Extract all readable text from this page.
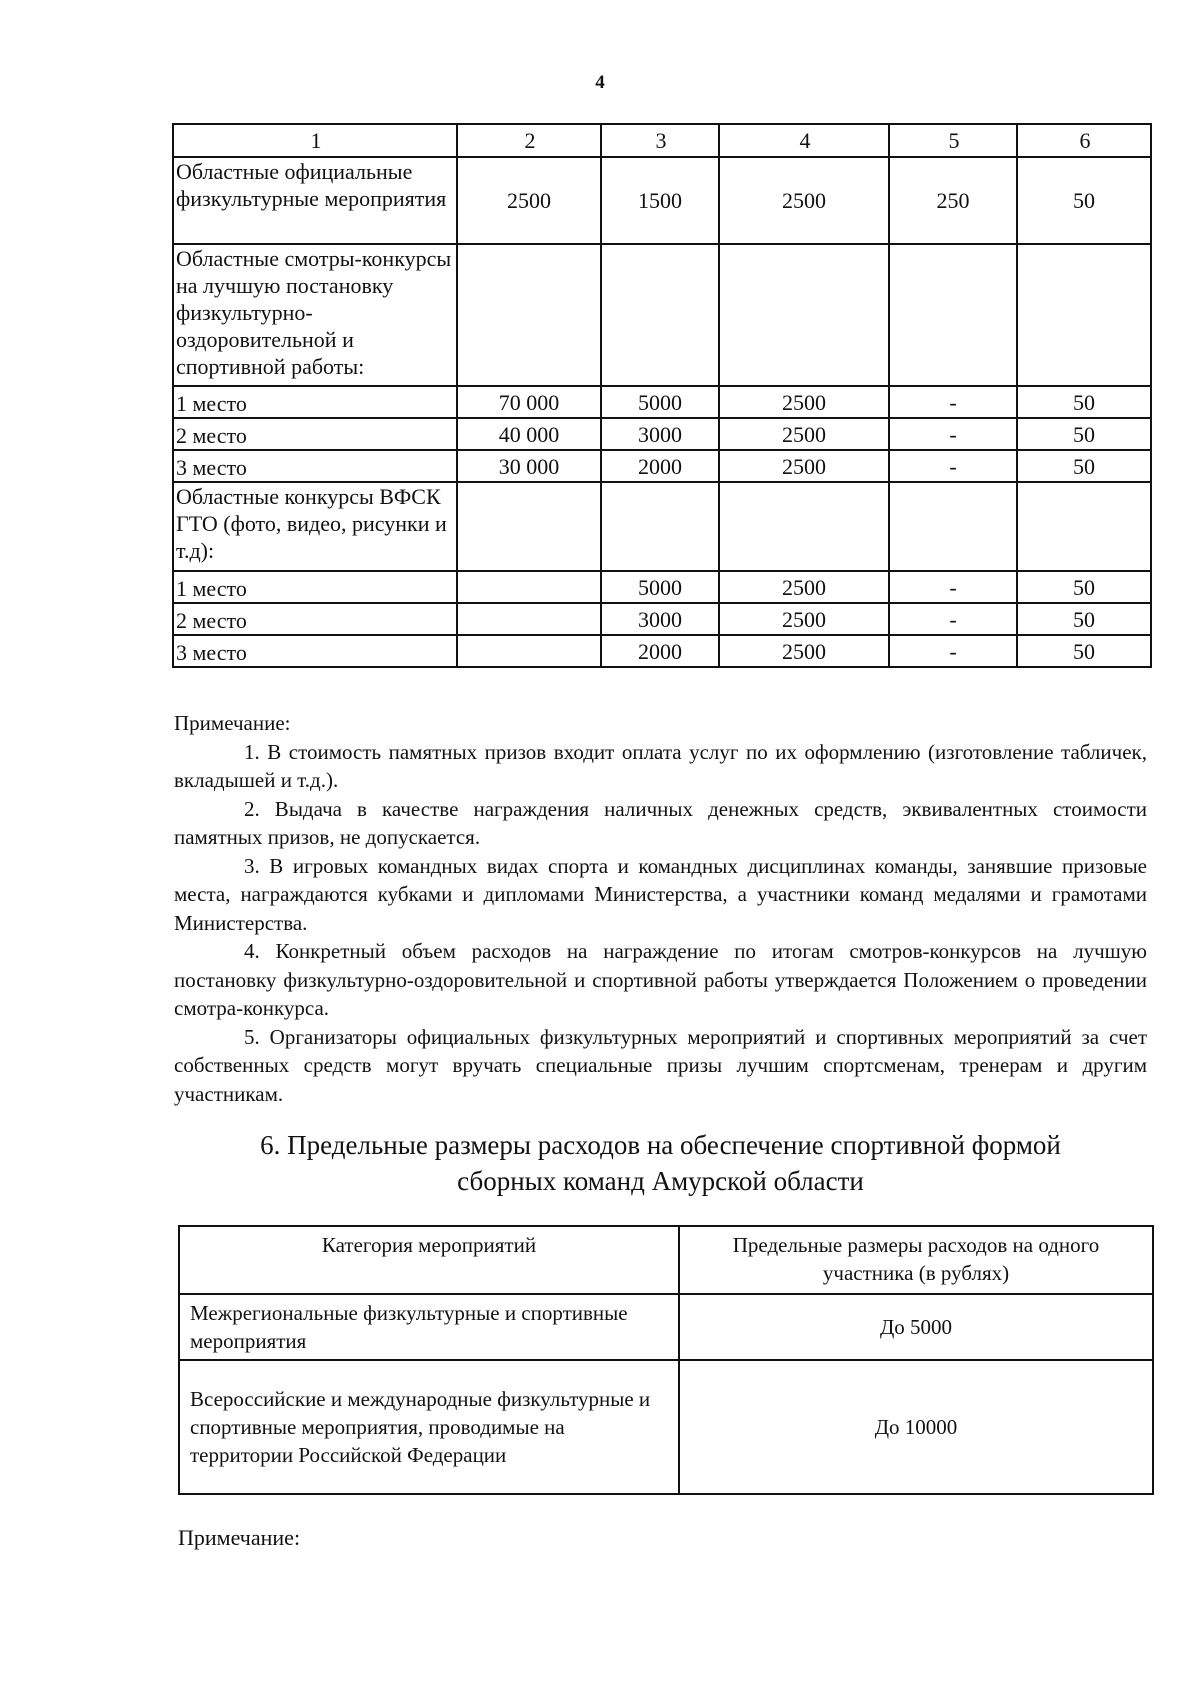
4
1	2	3	4	5	6
Областные официальные физкультурные мероприятия	2500	1500	2500	250	50
Областные смотры-конкурсы на лучшую постановку физкультурно-оздоровительной и спортивной работы:					
1 место	70 000	5000	2500	-	50
2 место	40 000	3000	2500	-	50
3 место	30 000	2000	2500	-	50
Областные конкурсы ВФСК ГТО (фото, видео, рисунки и т.д):					
1 место		5000	2500	-	50
2 место		3000	2500	-	50
3 место		2000	2500	-	50

Примечание:

1. В стоимость памятных призов входит оплата услуг по их оформлению (изготовление табличек, вкладышей и т.д.).

2. Выдача в качестве награждения наличных денежных средств, эквивалентных стоимости памятных призов, не допускается.

3. В игровых командных видах спорта и командных дисциплинах команды, занявшие призовые места, награждаются кубками и дипломами Министерства, а участники команд медалями и грамотами Министерства.

4. Конкретный объем расходов на награждение по итогам смотров-конкурсов на лучшую постановку физкультурно-оздоровительной и спортивной работы утверждается Положением о проведении смотра-конкурса.

5. Организаторы официальных физкультурных мероприятий и спортивных мероприятий за счет собственных средств могут вручать специальные призы лучшим спортсменам, тренерам и другим участникам.

6. Предельные размеры расходов на обеспечение спортивной формой
сборных команд Амурской области
Категория мероприятий	Предельные размеры расходов на одного участника (в рублях)
Межрегиональные физкультурные и спортивные мероприятия	До 5000
Всероссийские и международные физкультурные и спортивные мероприятия, проводимые на территории Российской Федерации	До 10000
Примечание:
